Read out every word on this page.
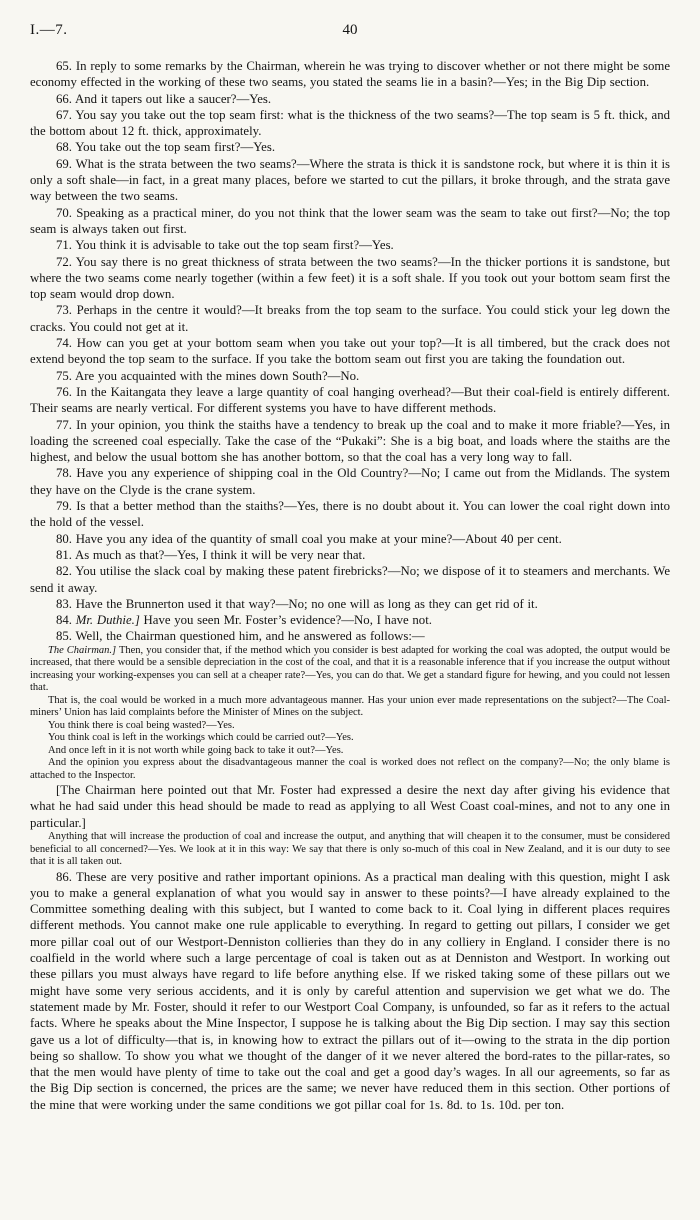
I.—7.	40

65. In reply to some remarks by the Chairman, wherein he was trying to discover whether or not there might be some economy effected in the working of these two seams, you stated the seams lie in a basin?—Yes; in the Big Dip section.

66. And it tapers out like a saucer?—Yes.

67. You say you take out the top seam first: what is the thickness of the two seams?—The top seam is 5 ft. thick, and the bottom about 12 ft. thick, approximately.

68. You take out the top seam first?—Yes.

69. What is the strata between the two seams?—Where the strata is thick it is sandstone rock, but where it is thin it is only a soft shale—in fact, in a great many places, before we started to cut the pillars, it broke through, and the strata gave way between the two seams.

70. Speaking as a practical miner, do you not think that the lower seam was the seam to take out first?—No; the top seam is always taken out first.

71. You think it is advisable to take out the top seam first?—Yes.

72. You say there is no great thickness of strata between the two seams?—In the thicker portions it is sandstone, but where the two seams come nearly together (within a few feet) it is a soft shale. If you took out your bottom seam first the top seam would drop down.

73. Perhaps in the centre it would?—It breaks from the top seam to the surface. You could stick your leg down the cracks. You could not get at it.

74. How can you get at your bottom seam when you take out your top?—It is all timbered, but the crack does not extend beyond the top seam to the surface. If you take the bottom seam out first you are taking the foundation out.

75. Are you acquainted with the mines down South?—No.

76. In the Kaitangata they leave a large quantity of coal hanging overhead?—But their coal-field is entirely different. Their seams are nearly vertical. For different systems you have to have different methods.

77. In your opinion, you think the staiths have a tendency to break up the coal and to make it more friable?—Yes, in loading the screened coal especially. Take the case of the “Pukaki”: She is a big boat, and loads where the staiths are the highest, and below the usual bottom she has another bottom, so that the coal has a very long way to fall.

78. Have you any experience of shipping coal in the Old Country?—No; I came out from the Midlands. The system they have on the Clyde is the crane system.

79. Is that a better method than the staiths?—Yes, there is no doubt about it. You can lower the coal right down into the hold of the vessel.

80. Have you any idea of the quantity of small coal you make at your mine?—About 40 per cent.

81. As much as that?—Yes, I think it will be very near that.

82. You utilise the slack coal by making these patent firebricks?—No; we dispose of it to steamers and merchants. We send it away.

83. Have the Brunnerton used it that way?—No; no one will as long as they can get rid of it.

84. Mr. Duthie.] Have you seen Mr. Foster’s evidence?—No, I have not.

85. Well, the Chairman questioned him, and he answered as follows:—

The Chairman.] Then, you consider that, if the method which you consider is best adapted for working the coal was adopted, the output would be increased, that there would be a sensible depreciation in the cost of the coal, and that it is a reasonable inference that if you increase the output without increasing your working-expenses you can sell at a cheaper rate?—Yes, you can do that. We get a standard figure for hewing, and you could not lessen that.

That is, the coal would be worked in a much more advantageous manner. Has your union ever made representations on the subject?—The Coal-miners’ Union has laid complaints before the Minister of Mines on the subject.

You think there is coal being wasted?—Yes.

You think coal is left in the workings which could be carried out?—Yes.

And once left in it is not worth while going back to take it out?—Yes.

And the opinion you express about the disadvantageous manner the coal is worked does not reflect on the company?—No; the only blame is attached to the Inspector.

[The Chairman here pointed out that Mr. Foster had expressed a desire the next day after giving his evidence that what he had said under this head should be made to read as applying to all West Coast coal-mines, and not to any one in particular.]

Anything that will increase the production of coal and increase the output, and anything that will cheapen it to the consumer, must be considered beneficial to all concerned?—Yes. We look at it in this way: We say that there is only so-much of this coal in New Zealand, and it is our duty to see that it is all taken out.

86. These are very positive and rather important opinions. As a practical man dealing with this question, might I ask you to make a general explanation of what you would say in answer to these points?—I have already explained to the Committee something dealing with this subject, but I wanted to come back to it. Coal lying in different places requires different methods. You cannot make one rule applicable to everything. In regard to getting out pillars, I consider we get more pillar coal out of our Westport-Denniston collieries than they do in any colliery in England. I consider there is no coalfield in the world where such a large percentage of coal is taken out as at Denniston and Westport. In working out these pillars you must always have regard to life before anything else. If we risked taking some of these pillars out we might have some very serious accidents, and it is only by careful attention and supervision we get what we do. The statement made by Mr. Foster, should it refer to our Westport Coal Company, is unfounded, so far as it refers to the actual facts. Where he speaks about the Mine Inspector, I suppose he is talking about the Big Dip section. I may say this section gave us a lot of difficulty—that is, in knowing how to extract the pillars out of it—owing to the strata in the dip portion being so shallow. To show you what we thought of the danger of it we never altered the bord-rates to the pillar-rates, so that the men would have plenty of time to take out the coal and get a good day’s wages. In all our agreements, so far as the Big Dip section is concerned, the prices are the same; we never have reduced them in this section. Other portions of the mine that were working under the same conditions we got pillar coal for 1s. 8d. to 1s. 10d. per ton.
